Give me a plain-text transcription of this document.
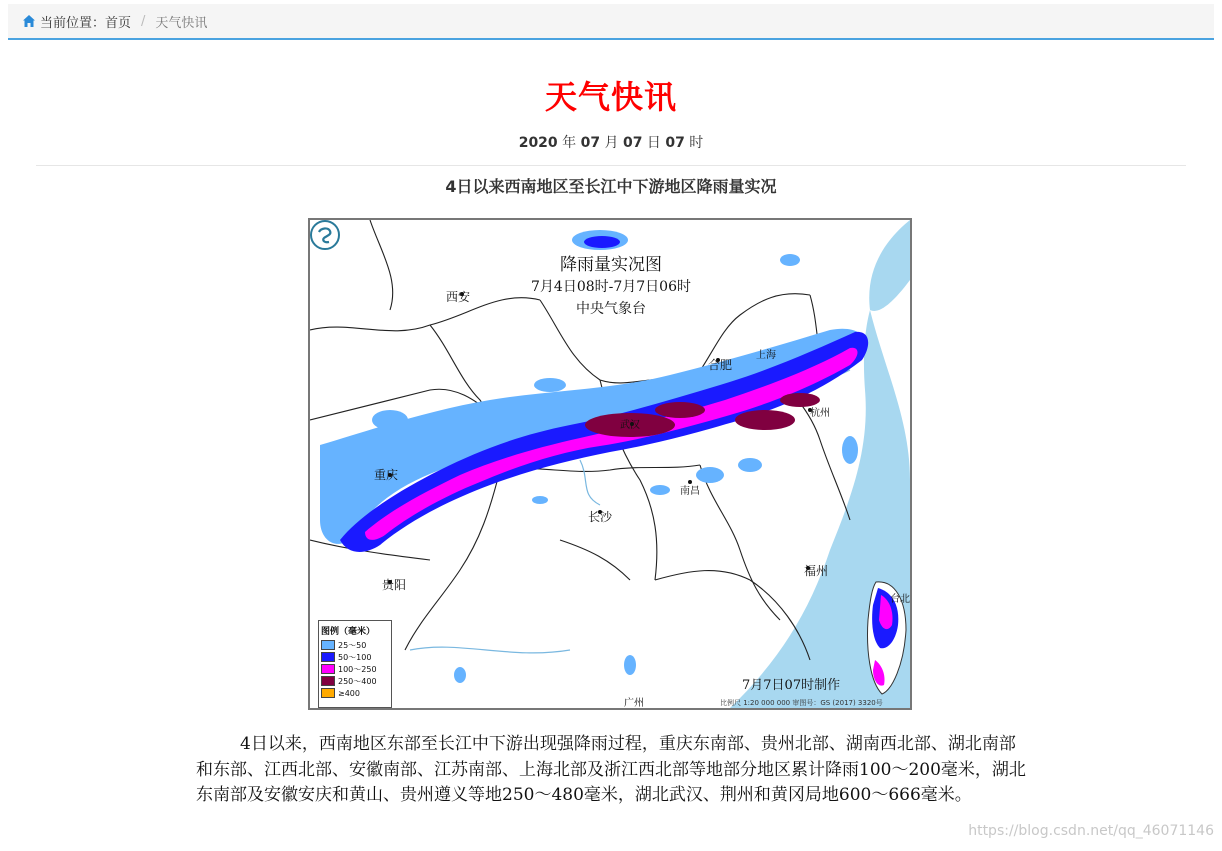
当前位置： 首页 / 天气快讯
天气快讯
2020 年 07 月 07 日 07 时
4日以来西南地区至长江中下游地区降雨量实况
降雨量实况图
7月4日08时-7月7日06时
中央气象台
西安
合肥
武汉
杭州
上海
重庆
南昌
长沙
贵阳
福州
台北
广州
图例（毫米）
25～50
50～100
100～250
250～400
≥400	7月7日07时制作
比例尺 1:20 000 000 审图号：GS (2017) 3320号

4日以来，西南地区东部至长江中下游出现强降雨过程，重庆东南部、贵州北部、湖南西北部、湖北南部和东部、江西北部、安徽南部、江苏南部、上海北部及浙江西北部等地部分地区累计降雨100～200毫米，湖北东南部及安徽安庆和黄山、贵州遵义等地250～480毫米，湖北武汉、荆州和黄冈局地600～666毫米。

https://blog.csdn.net/qq_46071146
